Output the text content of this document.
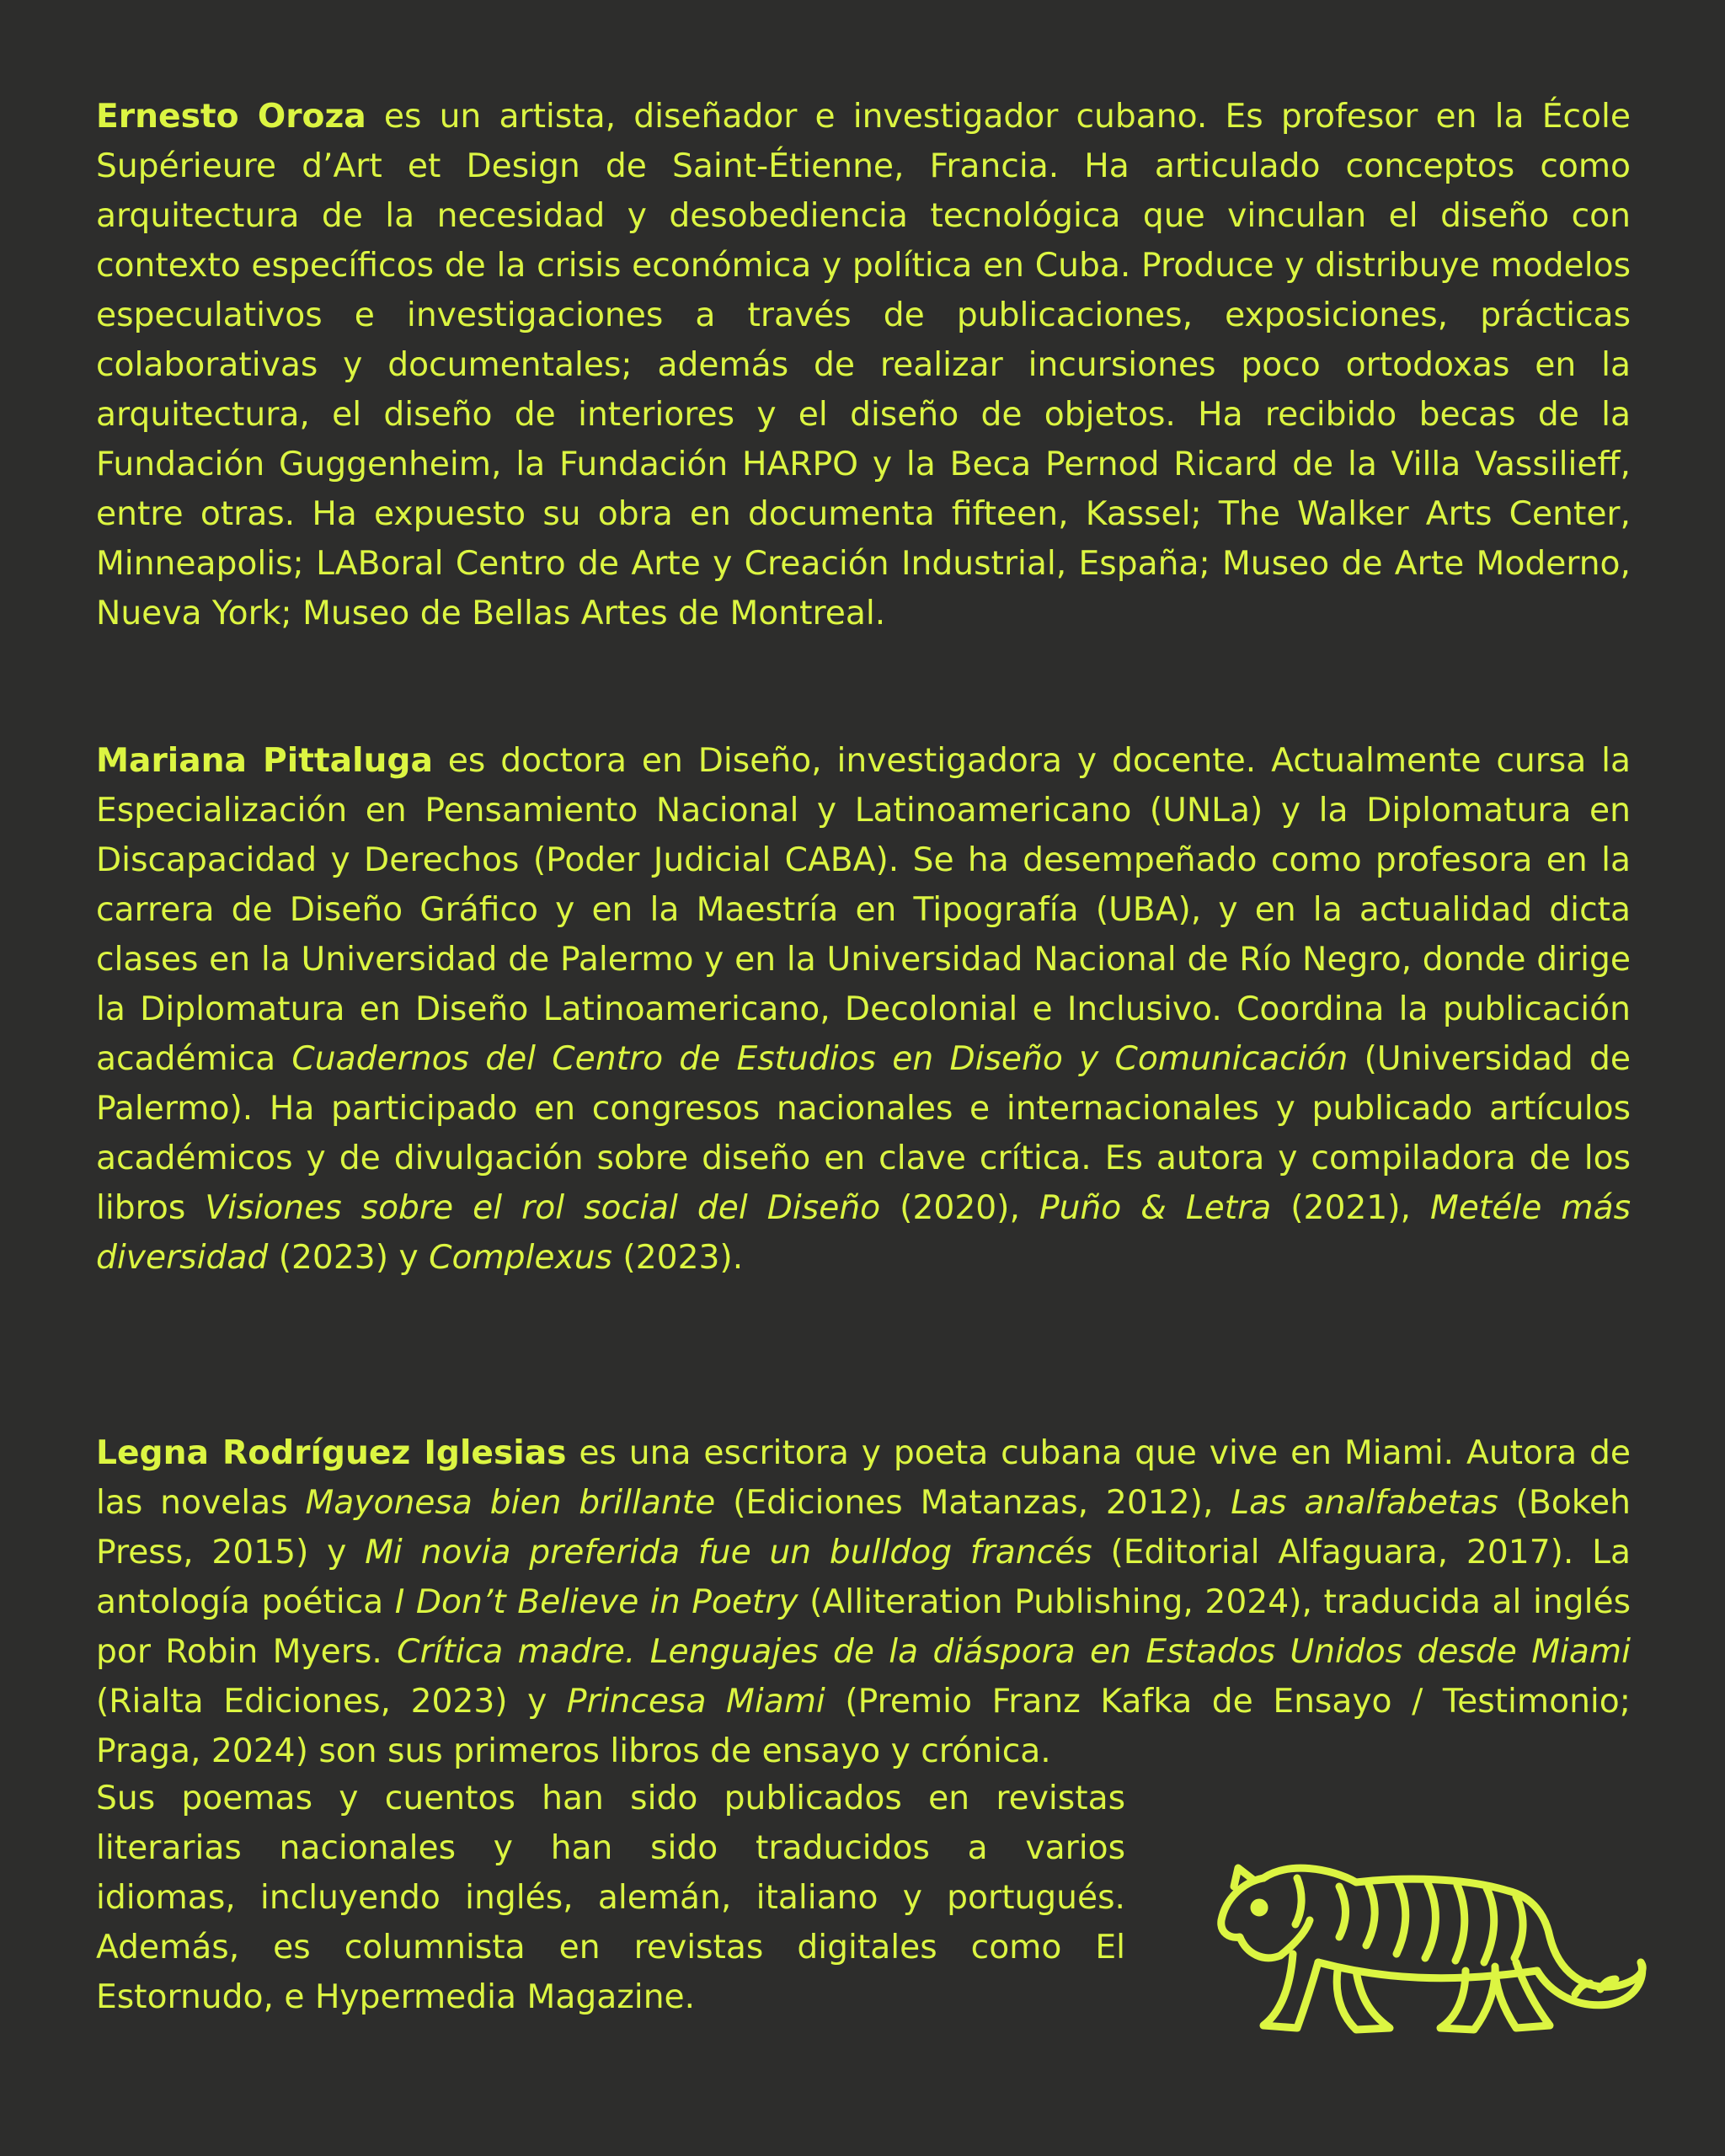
Ernesto Oroza es un artista, diseñador e investigador cubano. Es profesor en la École Supérieure d’Art et Design de Saint-Étienne, Francia. Ha articulado conceptos como arquitectura de la necesidad y desobediencia tecnológica que vinculan el diseño con contexto específicos de la crisis económica y política en Cuba. Produce y distribuye modelos especulativos e investigaciones a través de publicaciones, exposiciones, prácticas colaborativas y documentales; además de realizar incursiones poco ortodoxas en la arquitectura, el diseño de interiores y el diseño de objetos. Ha recibido becas de la Fundación Guggenheim, la Fundación HARPO y la Beca Pernod Ricard de la Villa Vassilieff, entre otras. Ha expuesto su obra en documenta fifteen, Kassel; The Walker Arts Center, Minneapolis; LABoral Centro de Arte y Creación Industrial, España; Museo de Arte Moderno, Nueva York; Museo de Bellas Artes de Montreal.

Mariana Pittaluga es doctora en Diseño, investigadora y docente. Actualmente cursa la Especialización en Pensamiento Nacional y Latinoamericano (UNLa) y la Diplomatura en Discapacidad y Derechos (Poder Judicial CABA). Se ha desempeñado como profesora en la carrera de Diseño Gráfico y en la Maestría en Tipografía (UBA), y en la actualidad dicta clases en la Universidad de Palermo y en la Universidad Nacional de Río Negro, donde dirige la Diplomatura en Diseño Latinoamericano, Decolonial e Inclusivo. Coordina la publicación académica Cuadernos del Centro de Estudios en Diseño y Comunicación (Universidad de Palermo). Ha participado en congresos nacionales e internacionales y publicado artículos académicos y de divulgación sobre diseño en clave crítica. Es autora y compiladora de los libros Visiones sobre el rol social del Diseño (2020), Puño & Letra (2021), Metéle más diversidad (2023) y Complexus (2023).

Legna Rodríguez Iglesias es una escritora y poeta cubana que vive en Miami. Autora de las novelas Mayonesa bien brillante (Ediciones Matanzas, 2012), Las analfabetas (Bokeh Press, 2015) y Mi novia preferida fue un bulldog francés (Editorial Alfaguara, 2017). La antología poética I Don’t Believe in Poetry (Alliteration Publishing, 2024), traducida al inglés por Robin Myers. Crítica madre. Lenguajes de la diáspora en Estados Unidos desde Miami (Rialta Ediciones, 2023) y Princesa Miami (Premio Franz Kafka de Ensayo / Testimonio; Praga, 2024) son sus primeros libros de ensayo y crónica.

Sus poemas y cuentos han sido publicados en revistas
literarias nacionales y han sido traducidos a varios
idiomas, incluyendo inglés, alemán, italiano y portugués.
Además, es columnista en revistas digitales como El
Estornudo, e Hypermedia Magazine.
